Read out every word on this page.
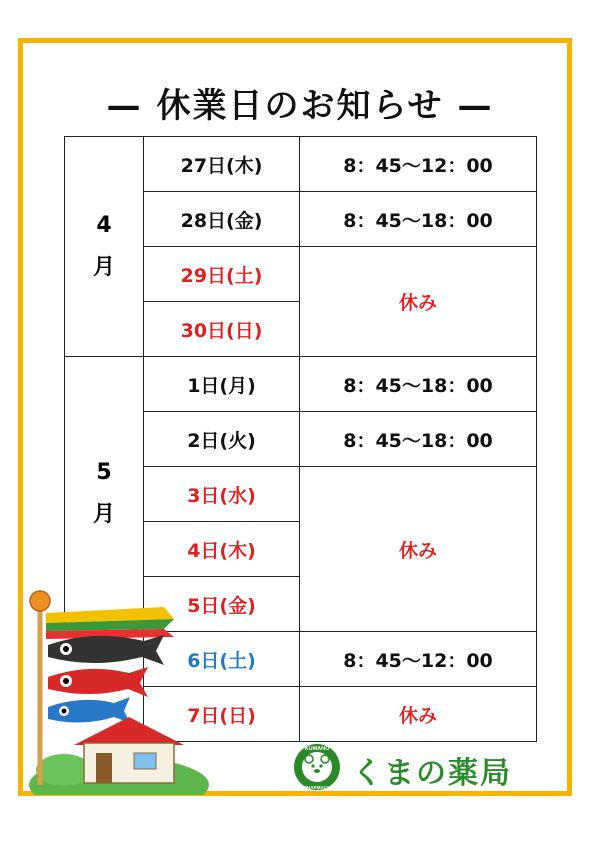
— 休業日のお知らせ —
4
月	27日(木)	8：45〜12：00
	28日(金)	8：45〜18：00
	29日(土)	休み
	30日(日)	

5
月	1日(月)	8：45〜18：00
	2日(火)	8：45〜18：00
	3日(水)	休み
	4日(木)	
	5日(金)	
	6日(土)	8：45〜12：00
	7日(日)	休み
KUMANO
PHARMACY くまの薬局
